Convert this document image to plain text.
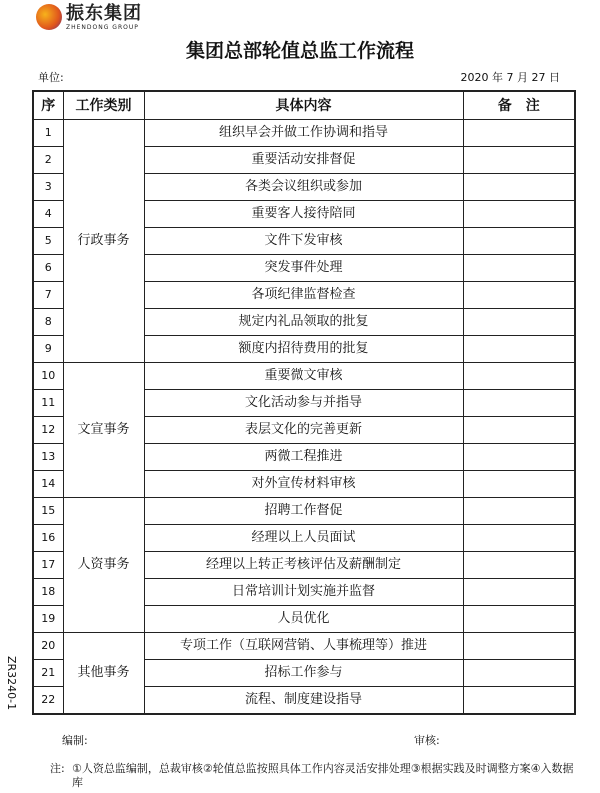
振东集团
ZHENDONG GROUP
集团总部轮值总监工作流程
单位:	2020 年 7 月 27 日
序	工作类别	具体内容	备　注
1	行政事务	组织早会并做工作协调和指导	
2		重要活动安排督促	
3		各类会议组织或参加	
4		重要客人接待陪同	
5		文件下发审核	
6		突发事件处理	
7		各项纪律监督检查	
8		规定内礼品领取的批复	
9		额度内招待费用的批复	
10	文宣事务	重要微文审核	
11		文化活动参与并指导	
12		表层文化的完善更新	
13		两微工程推进	
14		对外宣传材料审核	
15	人资事务	招聘工作督促	
16		经理以上人员面试	
17		经理以上转正考核评估及薪酬制定	
18		日常培训计划实施并监督	
19		人员优化	
20	其他事务	专项工作（互联网营销、人事梳理等）推进	
21		招标工作参与	
22		流程、制度建设指导	
ZR3240-1
编制:	审核:
注: ①人资总监编制，总裁审核②轮值总监按照具体工作内容灵活安排处理③根据实践及时调整方案④入数据库
